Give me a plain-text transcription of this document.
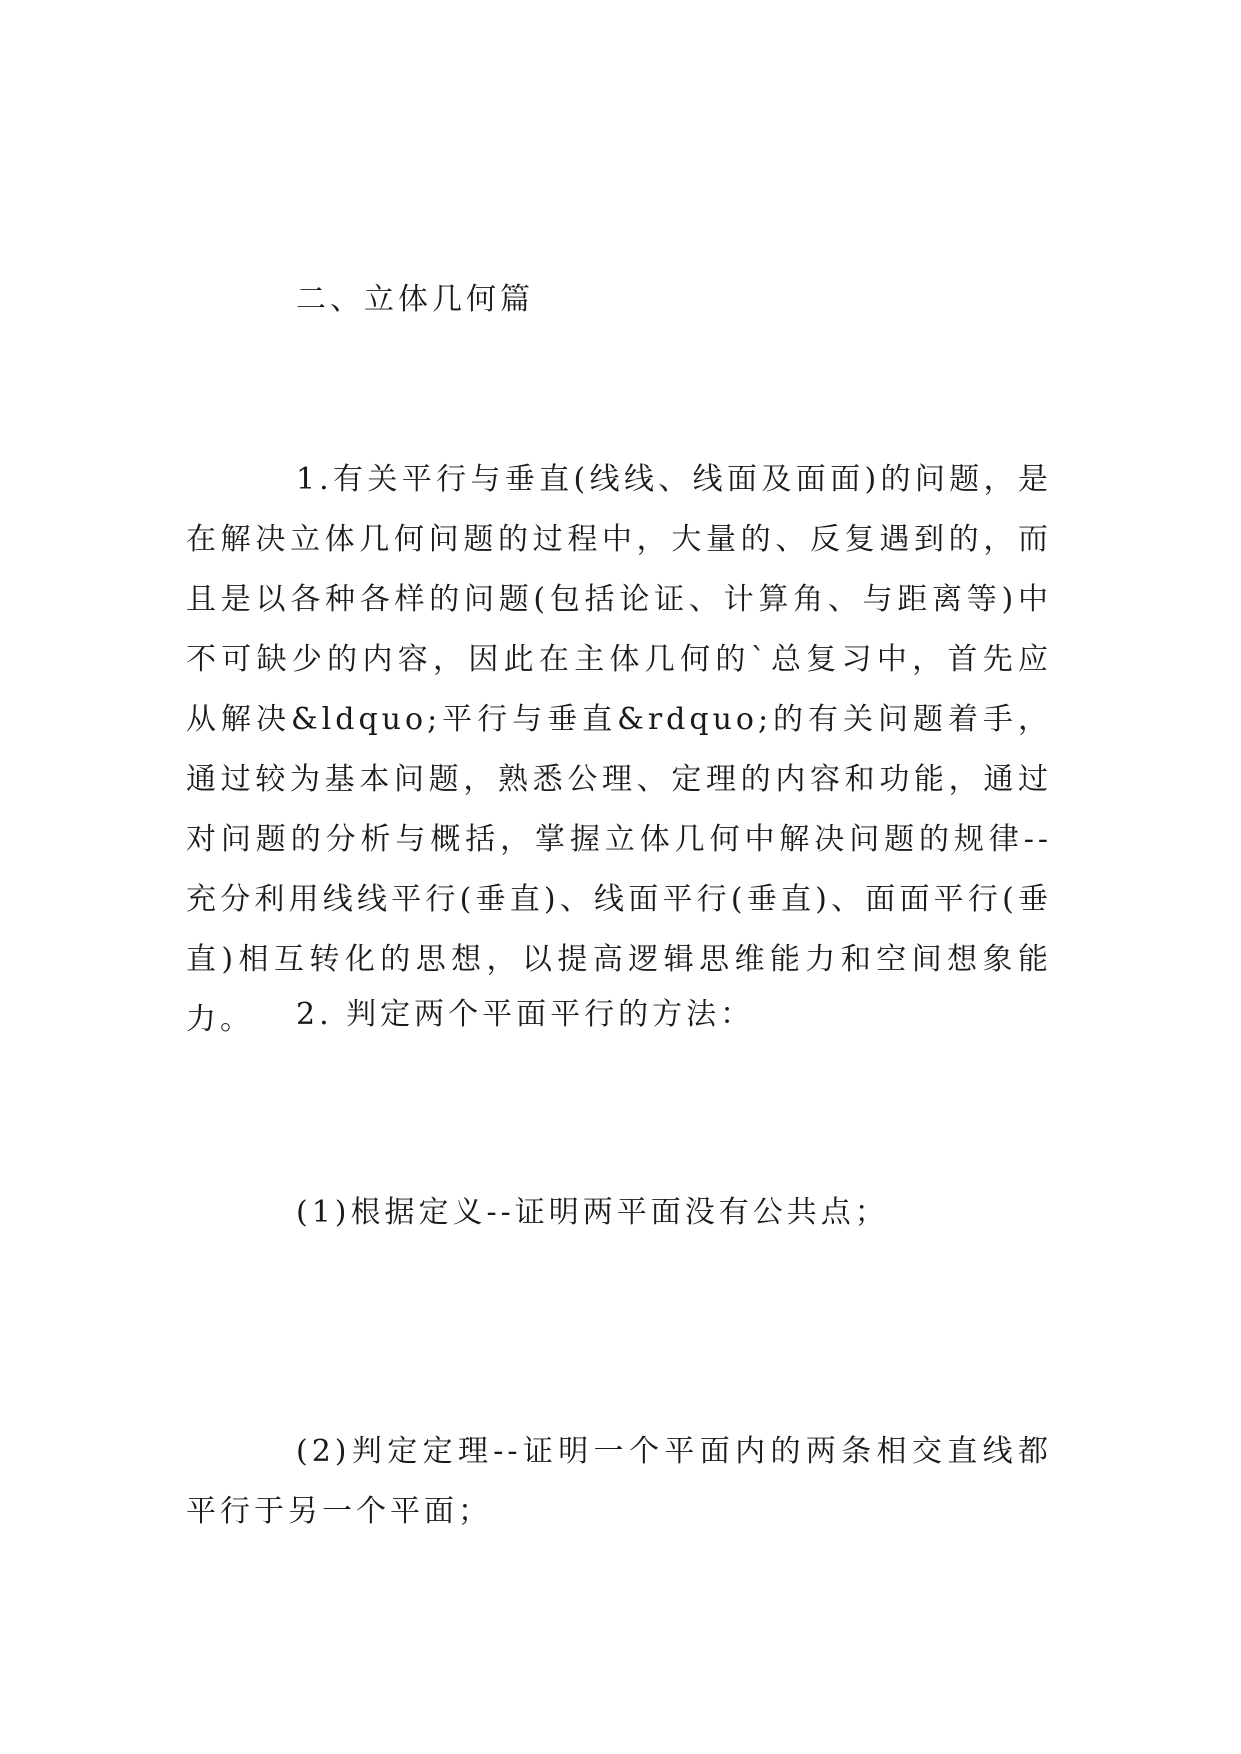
二、立体几何篇

1.有关平行与垂直(线线、线面及面面)的问题，是在解决立体几何问题的过程中，大量的、反复遇到的，而且是以各种各样的问题(包括论证、计算角、与距离等)中不可缺少的内容，因此在主体几何的`总复习中，首先应从解决&ldquo;平行与垂直&rdquo;的有关问题着手，通过较为基本问题，熟悉公理、定理的内容和功能，通过对问题的分析与概括，掌握立体几何中解决问题的规律--充分利用线线平行(垂直)、线面平行(垂直)、面面平行(垂直)相互转化的思想，以提高逻辑思维能力和空间想象能力。	2. 判定两个平面平行的方法：

(1)根据定义--证明两平面没有公共点；

(2)判定定理--证明一个平面内的两条相交直线都平行于另一个平面；
